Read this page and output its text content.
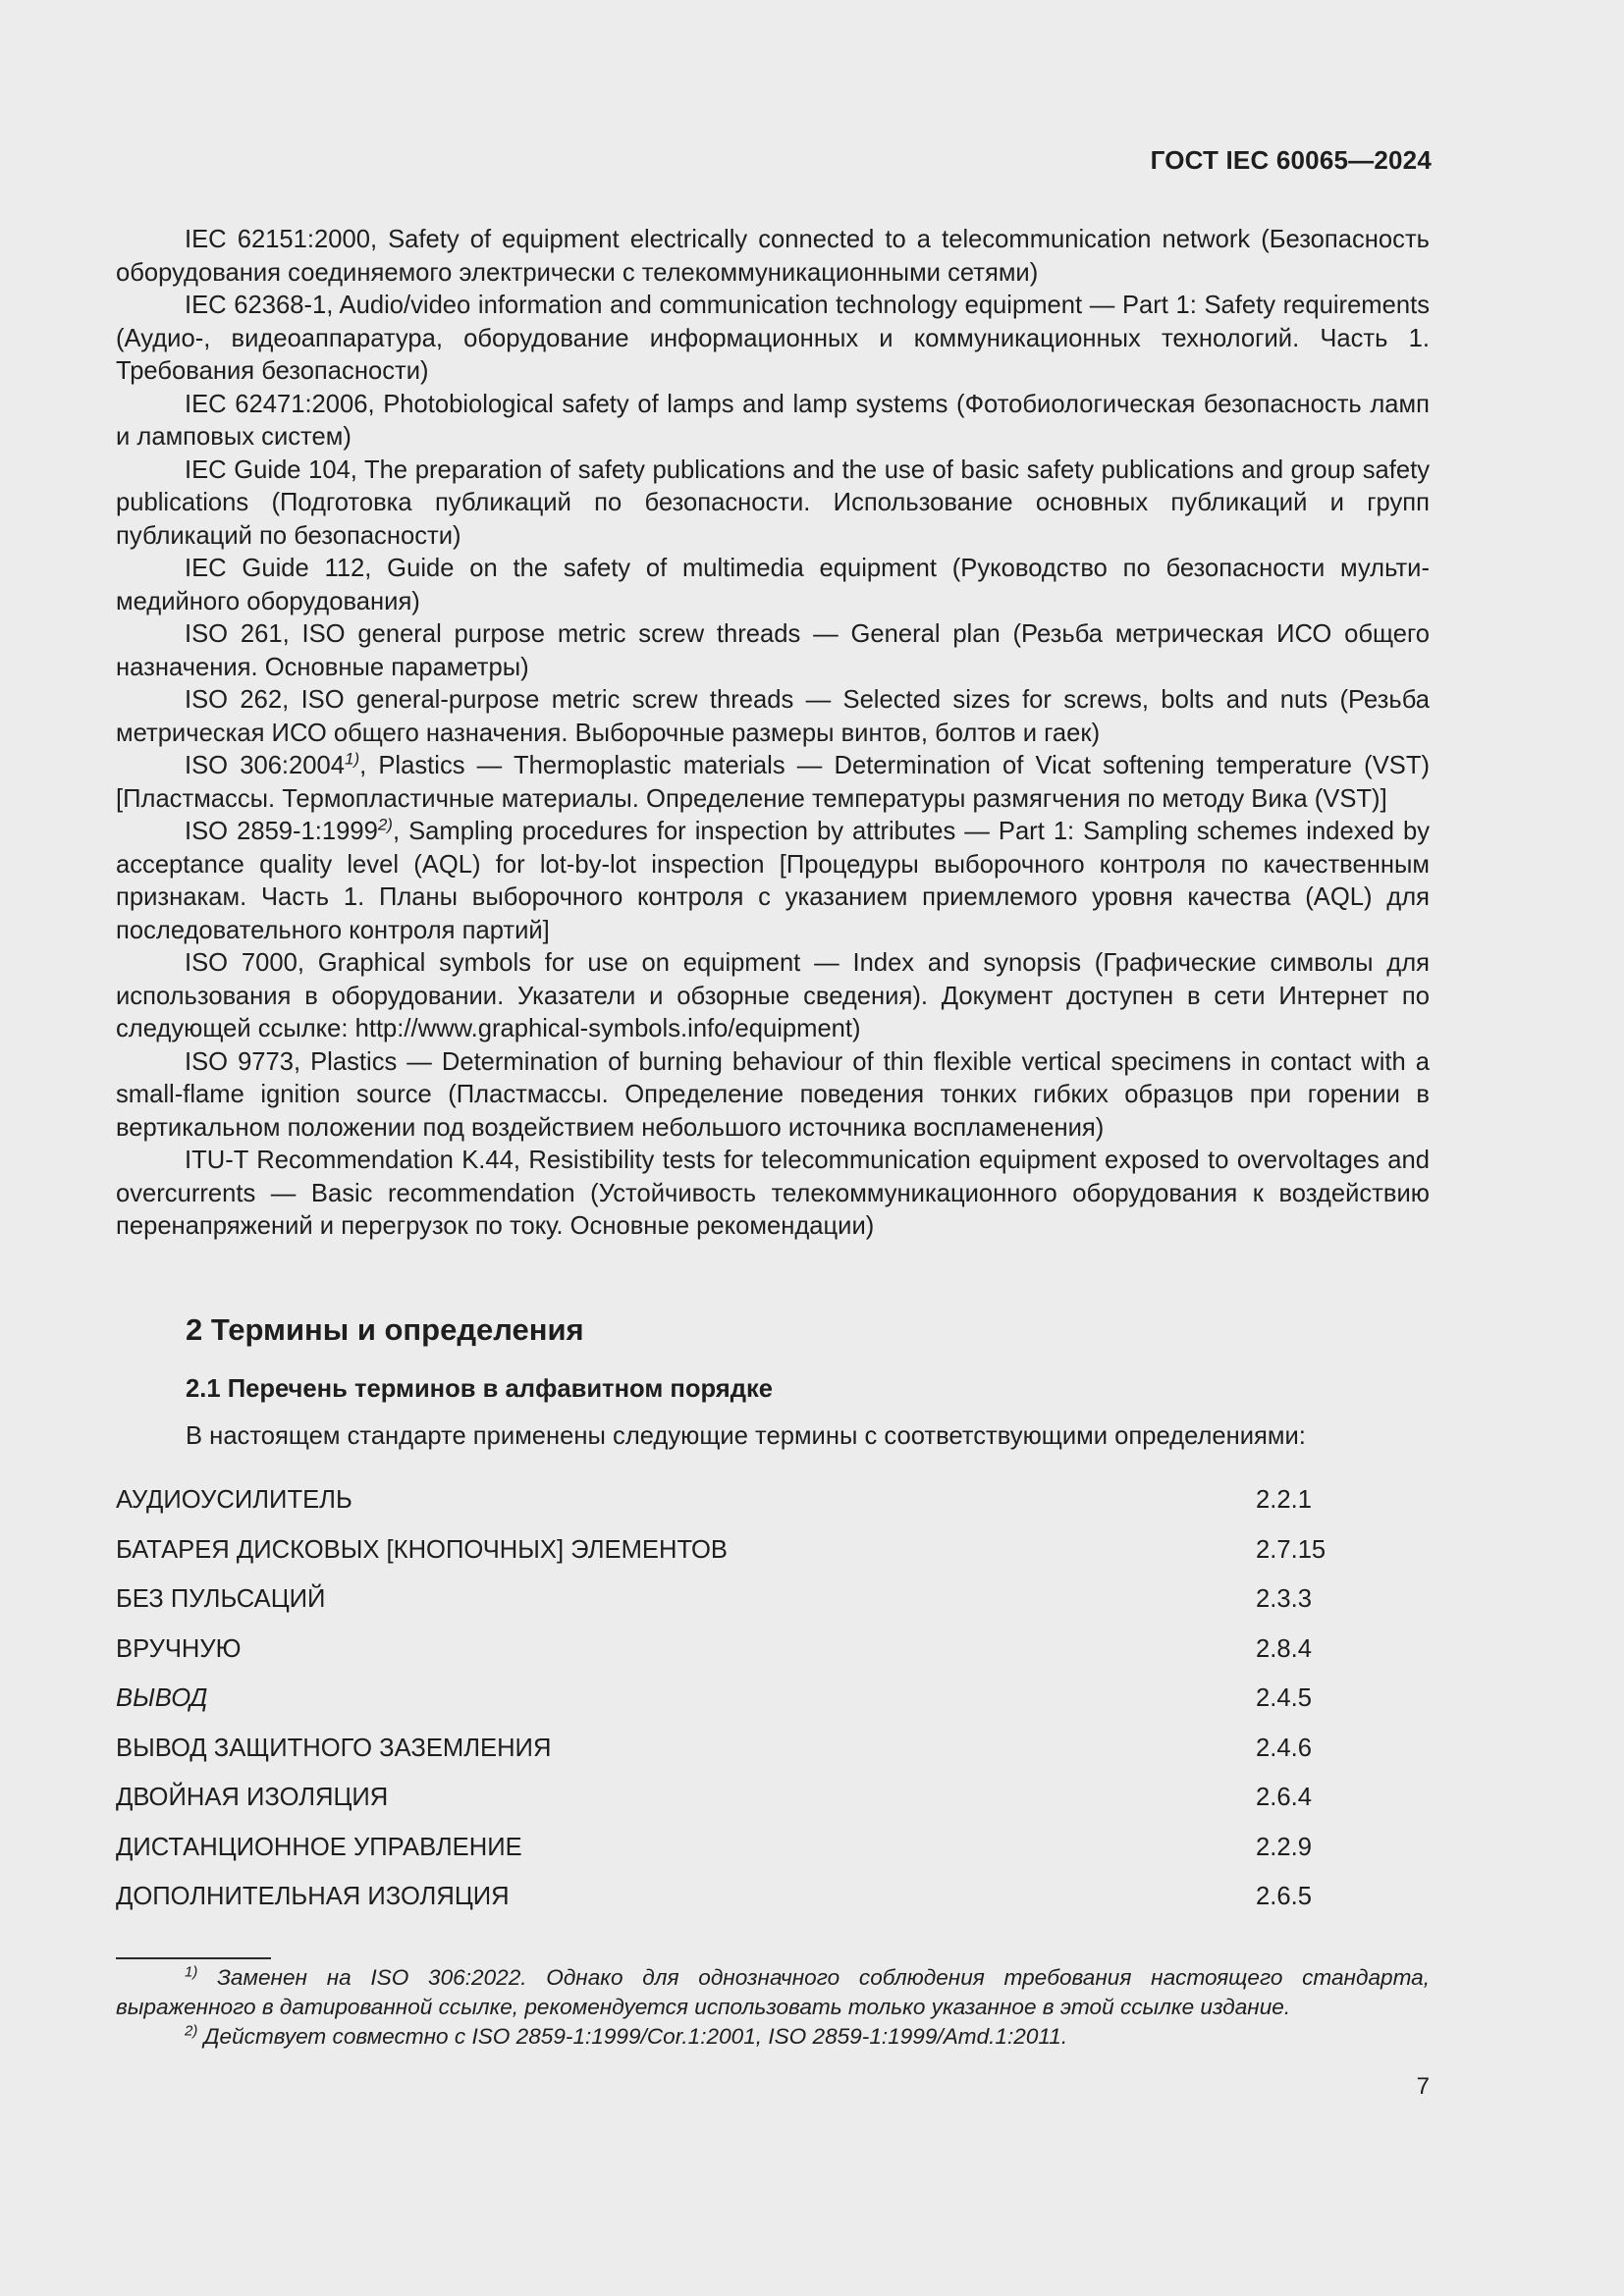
ГОСТ IEC 60065—2024

IEC 62151:2000, Safety of equipment electrically connected to a telecommunication network (Безопасность оборудования соединяемого электрически с телекоммуникационными сетями)

IEC 62368-1, Audio/video information and communication technology equipment — Part 1: Safety requirements (Аудио-, видеоаппаратура, оборудование информационных и коммуникационных технологий. Часть 1. Требования безопасности)

IEC 62471:2006, Photobiological safety of lamps and lamp systems (Фотобиологическая безопасность ламп и ламповых систем)

IEC Guide 104, The preparation of safety publications and the use of basic safety publications and group safety publications (Подготовка публикаций по безопасности. Использование основных публикаций и групп публикаций по безопасности)

IEC Guide 112, Guide on the safety of multimedia equipment (Руководство по безопасности мультимедийного оборудования)

ISO 261, ISO general purpose metric screw threads — General plan (Резьба метрическая ИСО общего назначения. Основные параметры)

ISO 262, ISO general-purpose metric screw threads — Selected sizes for screws, bolts and nuts (Резьба метрическая ИСО общего назначения. Выборочные размеры винтов, болтов и гаек)

ISO 306:2004$^{1)}$, Plastics — Thermoplastic materials — Determination of Vicat softening temperature (VST) [Пластмассы. Термопластичные материалы. Определение температуры размягчения по методу Вика (VST)]

ISO 2859-1:1999$^{2)}$, Sampling procedures for inspection by attributes — Part 1: Sampling schemes indexed by acceptance quality level (AQL) for lot-by-lot inspection [Процедуры выборочного контроля по качественным признакам. Часть 1. Планы выборочного контроля с указанием приемлемого уровня качества (AQL) для последовательного контроля партий]

ISO 7000, Graphical symbols for use on equipment — Index and synopsis (Графические символы для использования в оборудовании. Указатели и обзорные сведения). Документ доступен в сети Интернет по следующей ссылке: http://www.graphical-symbols.info/equipment)

ISO 9773, Plastics — Determination of burning behaviour of thin flexible vertical specimens in contact with a small-flame ignition source (Пластмассы. Определение поведения тонких гибких образцов при горении в вертикальном положении под воздействием небольшого источника воспламенения)

ITU-T Recommendation K.44, Resistibility tests for telecommunication equipment exposed to overvoltages and overcurrents — Basic recommendation (Устойчивость телекоммуникационного оборудования к воздействию перенапряжений и перегрузок по току. Основные рекомендации)

2 Термины и определения
2.1 Перечень терминов в алфавитном порядке

В настоящем стандарте применены следующие термины с соответствующими определениями:

АУДИОУСИЛИТЕЛЬ	2.2.1
БАТАРЕЯ ДИСКОВЫХ [КНОПОЧНЫХ] ЭЛЕМЕНТОВ	2.7.15
БЕЗ ПУЛЬСАЦИЙ	2.3.3
ВРУЧНУЮ	2.8.4
ВЫВОД	2.4.5
ВЫВОД ЗАЩИТНОГО ЗАЗЕМЛЕНИЯ	2.4.6
ДВОЙНАЯ ИЗОЛЯЦИЯ	2.6.4
ДИСТАНЦИОННОЕ УПРАВЛЕНИЕ	2.2.9
ДОПОЛНИТЕЛЬНАЯ ИЗОЛЯЦИЯ	2.6.5

$^{1)}$ Заменен на ISO 306:2022. Однако для однозначного соблюдения требования настоящего стандарта, выраженного в датированной ссылке, рекомендуется использовать только указанное в этой ссылке издание.

$^{2)}$ Действует совместно с ISO 2859-1:1999/Cor.1:2001, ISO 2859-1:1999/Amd.1:2011.

7
